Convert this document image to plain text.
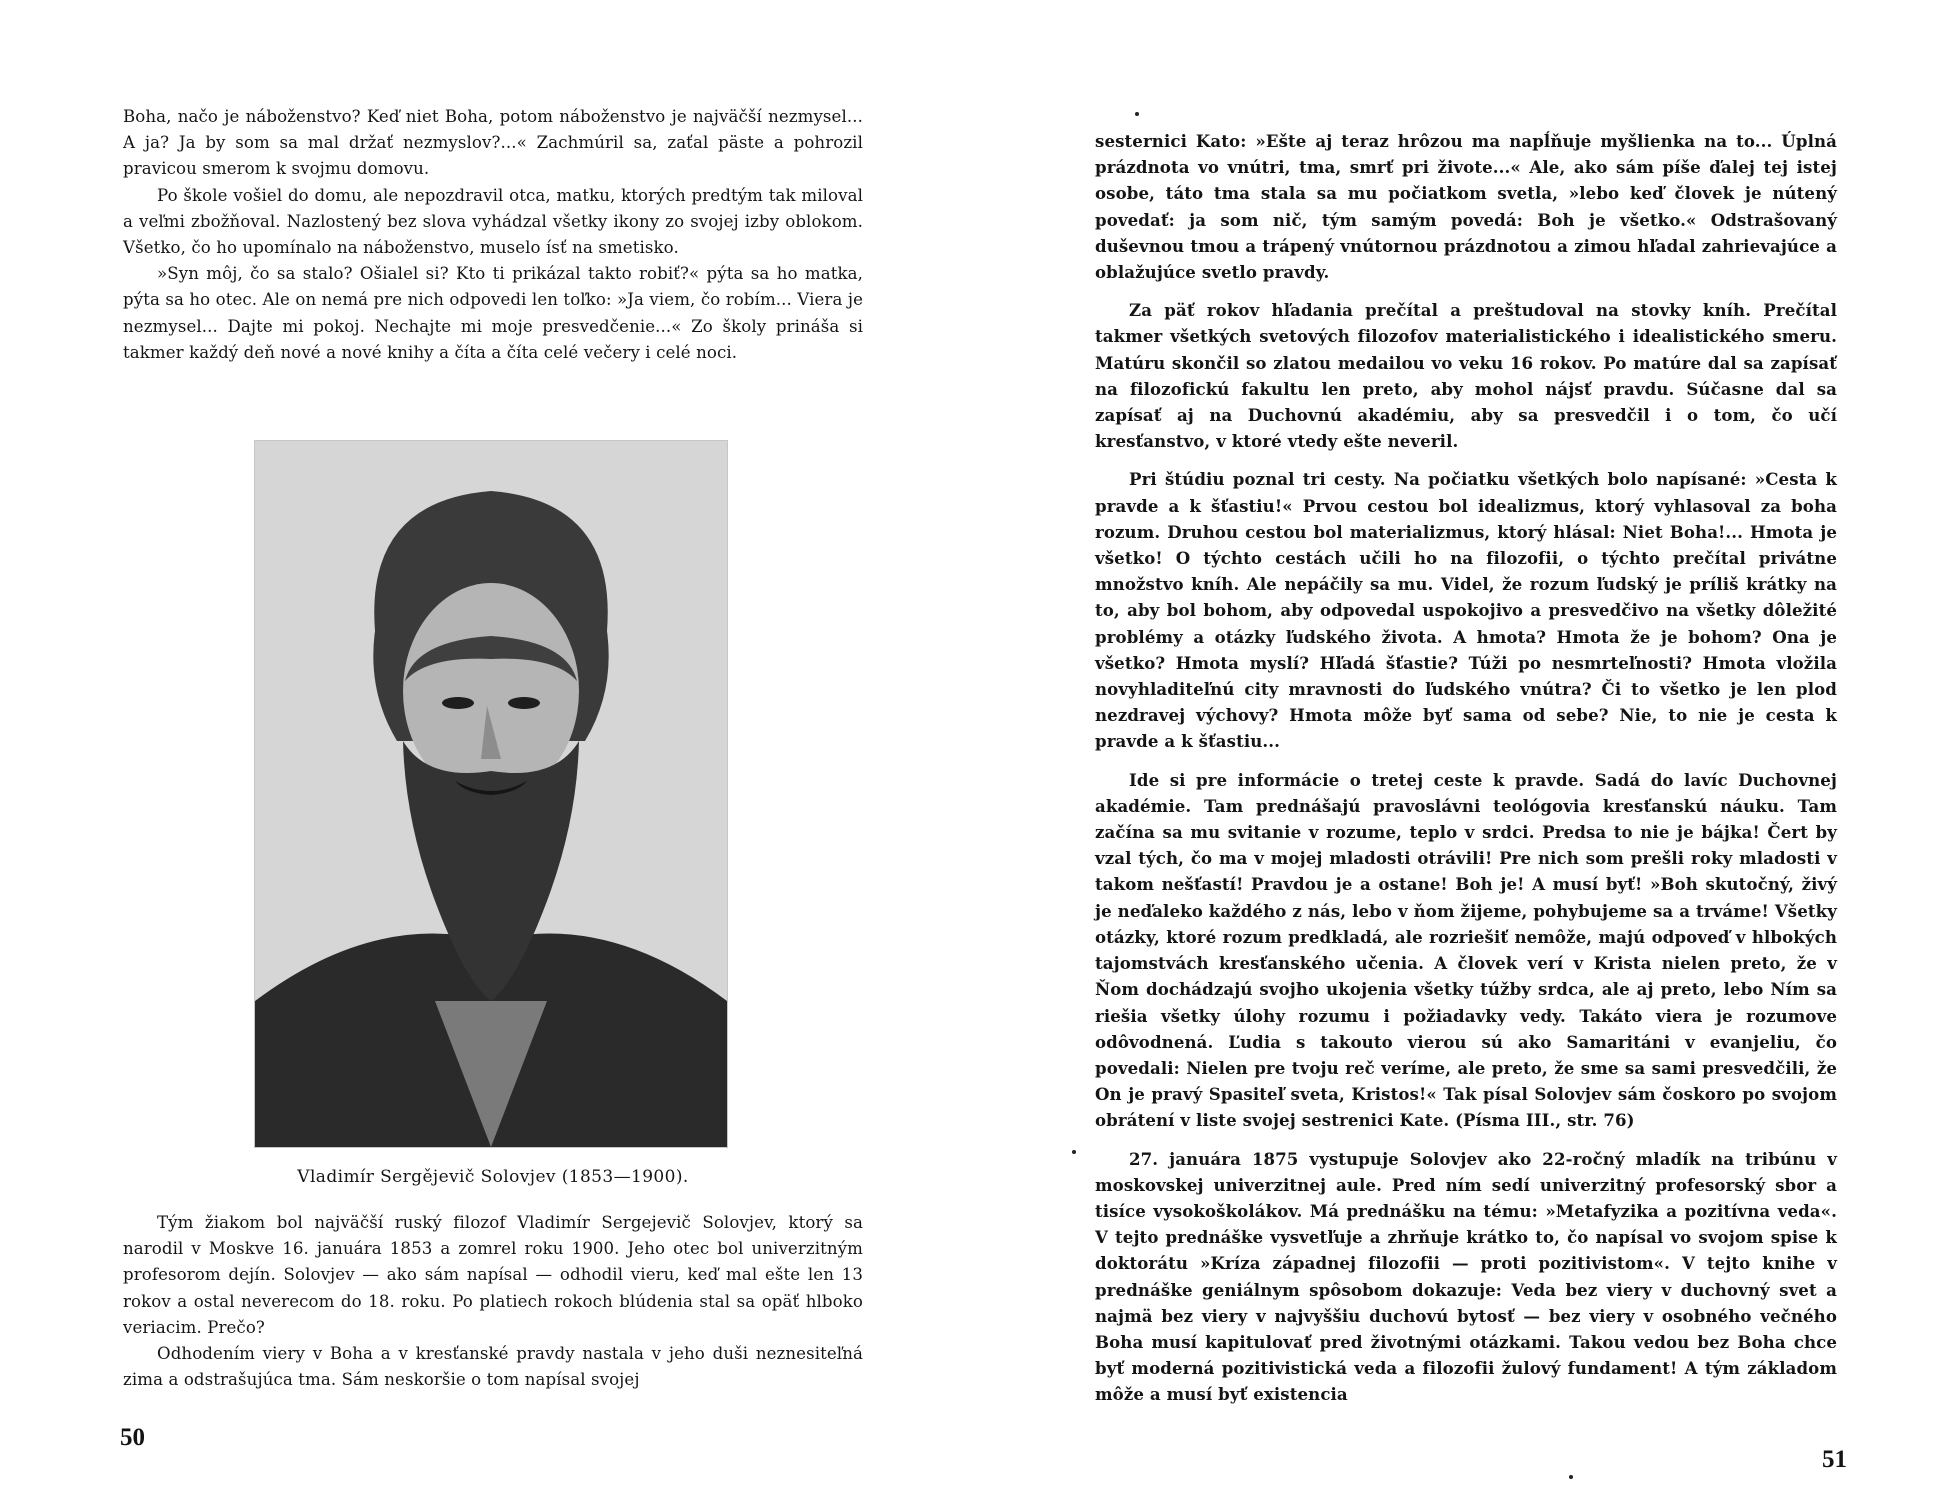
Boha, načo je náboženstvo? Keď niet Boha, potom náboženstvo je najväčší nezmysel... A ja? Ja by som sa mal držať nezmyslov?...« Zachmúril sa, zaťal päste a pohrozil pravicou smerom k svojmu domovu.

Po škole vošiel do domu, ale nepozdravil otca, matku, ktorých predtým tak miloval a veľmi zbožňoval. Nazlostený bez slova vyhádzal všetky ikony zo svojej izby oblokom. Všetko, čo ho upomínalo na náboženstvo, muselo ísť na smetisko.

»Syn môj, čo sa stalo? Ošialel si? Kto ti prikázal takto robiť?« pýta sa ho matka, pýta sa ho otec. Ale on nemá pre nich odpovedi len toľko: »Ja viem, čo robím... Viera je nezmysel... Dajte mi pokoj. Nechajte mi moje presvedčenie...« Zo školy prináša si takmer každý deň nové a nové knihy a číta a číta celé večery i celé noci.

Vladimír Sergějevič Solovjev (1853—1900).

Tým žiakom bol najväčší ruský filozof Vladimír Sergejevič Solovjev, ktorý sa narodil v Moskve 16. januára 1853 a zomrel roku 1900. Jeho otec bol univerzitným profesorom dejín. Solovjev — ako sám napísal — odhodil vieru, keď mal ešte len 13 rokov a ostal neverecom do 18. roku. Po platiech rokoch blúdenia stal sa opäť hlboko veriacim. Prečo?

Odhodením viery v Boha a v kresťanské pravdy nastala v jeho duši neznesiteľná zima a odstrašujúca tma. Sám neskoršie o tom napísal svojej

50

sesternici Kato: »Ešte aj teraz hrôzou ma napĺňuje myšlienka na to... Úplná prázdnota vo vnútri, tma, smrť pri živote...« Ale, ako sám píše ďalej tej istej osobe, táto tma stala sa mu počiatkom svetla, »lebo keď človek je nútený povedať: ja som nič, tým samým povedá: Boh je všetko.« Odstrašovaný duševnou tmou a trápený vnútornou prázdnotou a zimou hľadal zahrievajúce a oblažujúce svetlo pravdy.

Za päť rokov hľadania prečítal a preštudoval na stovky kníh. Prečítal takmer všetkých svetových filozofov materialistického i idealistického smeru. Matúru skončil so zlatou medailou vo veku 16 rokov. Po matúre dal sa zapísať na filozofickú fakultu len preto, aby mohol nájsť pravdu. Súčasne dal sa zapísať aj na Duchovnú akadémiu, aby sa presvedčil i o tom, čo učí kresťanstvo, v ktoré vtedy ešte neveril.

Pri štúdiu poznal tri cesty. Na počiatku všetkých bolo napísané: »Cesta k pravde a k šťastiu!« Prvou cestou bol idealizmus, ktorý vyhlasoval za boha rozum. Druhou cestou bol materializmus, ktorý hlásal: Niet Boha!... Hmota je všetko! O týchto cestách učili ho na filozofii, o týchto prečítal privátne množstvo kníh. Ale nepáčily sa mu. Videl, že rozum ľudský je príliš krátky na to, aby bol bohom, aby odpovedal uspokojivo a presvedčivo na všetky dôležité problémy a otázky ľudského života. A hmota? Hmota že je bohom? Ona je všetko? Hmota myslí? Hľadá šťastie? Túži po nesmrteľnosti? Hmota vložila novyhladiteľnú city mravnosti do ľudského vnútra? Či to všetko je len plod nezdravej výchovy? Hmota môže byť sama od sebe? Nie, to nie je cesta k pravde a k šťastiu...

Ide si pre informácie o tretej ceste k pravde. Sadá do lavíc Duchovnej akadémie. Tam prednášajú pravoslávni teológovia kresťanskú náuku. Tam začína sa mu svitanie v rozume, teplo v srdci. Predsa to nie je bájka! Čert by vzal tých, čo ma v mojej mladosti otrávili! Pre nich som prešli roky mladosti v takom nešťastí! Pravdou je a ostane! Boh je! A musí byť! »Boh skutočný, živý je neďaleko každého z nás, lebo v ňom žijeme, pohybujeme sa a trváme! Všetky otázky, ktoré rozum predkladá, ale rozriešiť nemôže, majú odpoveď v hlbokých tajomstvách kresťanského učenia. A človek verí v Krista nielen preto, že v Ňom dochádzajú svojho ukojenia všetky túžby srdca, ale aj preto, lebo Ním sa riešia všetky úlohy rozumu i požiadavky vedy. Takáto viera je rozumove odôvodnená. Ľudia s takouto vierou sú ako Samaritáni v evanjeliu, čo povedali: Nielen pre tvoju reč veríme, ale preto, že sme sa sami presvedčili, že On je pravý Spasiteľ sveta, Kristos!« Tak písal Solovjev sám čoskoro po svojom obrátení v liste svojej sestrenici Kate. (Písma III., str. 76)

27. januára 1875 vystupuje Solovjev ako 22-ročný mladík na tribúnu v moskovskej univerzitnej aule. Pred ním sedí univerzitný profesorský sbor a tisíce vysokoškolákov. Má prednášku na tému: »Metafyzika a pozitívna veda«. V tejto prednáške vysvetľuje a zhrňuje krátko to, čo napísal vo svojom spise k doktorátu »Kríza západnej filozofii — proti pozitivistom«. V tejto knihe v prednáške geniálnym spôsobom dokazuje: Veda bez viery v duchovný svet a najmä bez viery v najvyššiu duchovú bytosť — bez viery v osobného večného Boha musí kapitulovať pred životnými otázkami. Takou vedou bez Boha chce byť moderná pozitivistická veda a filozofii žulový fundament! A tým základom môže a musí byť existencia

51
